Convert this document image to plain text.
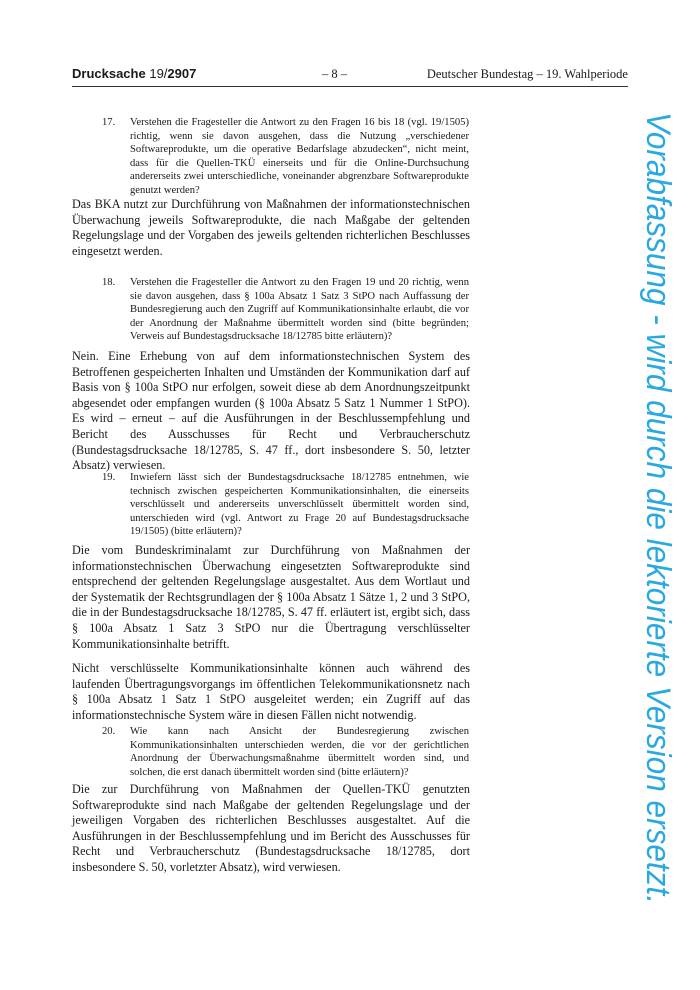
Drucksache 19/2907	– 8 –	Deutscher Bundestag – 19. Wahlperiode
17. Verstehen die Fragesteller die Antwort zu den Fragen 16 bis 18 (vgl. 19/1505) richtig, wenn sie davon ausgehen, dass die Nutzung „verschiedener Softwareprodukte, um die operative Bedarfslage abzudecken“, nicht meint, dass für die Quellen-TKÜ einerseits und für die Online-Durchsuchung andererseits zwei unterschiedliche, voneinander abgrenzbare Softwareprodukte genutzt werden?

Das BKA nutzt zur Durchführung von Maßnahmen der informationstechnischen Überwachung jeweils Softwareprodukte, die nach Maßgabe der geltenden Regelungslage und der Vorgaben des jeweils geltenden richterlichen Beschlusses eingesetzt werden.

18. Verstehen die Fragesteller die Antwort zu den Fragen 19 und 20 richtig, wenn sie davon ausgehen, dass § 100a Absatz 1 Satz 3 StPO nach Auffassung der Bundesregierung auch den Zugriff auf Kommunikationsinhalte erlaubt, die vor der Anordnung der Maßnahme übermittelt worden sind (bitte begründen; Verweis auf Bundestagsdrucksache 18/12785 bitte erläutern)?

Nein. Eine Erhebung von auf dem informationstechnischen System des Betroffenen gespeicherten Inhalten und Umständen der Kommunikation darf auf Basis von § 100a StPO nur erfolgen, soweit diese ab dem Anordnungszeitpunkt abgesendet oder empfangen wurden (§ 100a Absatz 5 Satz 1 Nummer 1 StPO). Es wird – erneut – auf die Ausführungen in der Beschlussempfehlung und Bericht des Ausschusses für Recht und Verbraucherschutz (Bundestagsdrucksache 18/12785, S. 47 ff., dort insbesondere S. 50, letzter Absatz) verwiesen.

19. Inwiefern lässt sich der Bundestagsdrucksache 18/12785 entnehmen, wie technisch zwischen gespeicherten Kommunikationsinhalten, die einerseits verschlüsselt und andererseits unverschlüsselt übermittelt worden sind, unterschieden wird (vgl. Antwort zu Frage 20 auf Bundestagsdrucksache 19/1505) (bitte erläutern)?

Die vom Bundeskriminalamt zur Durchführung von Maßnahmen der informationstechnischen Überwachung eingesetzten Softwareprodukte sind entsprechend der geltenden Regelungslage ausgestaltet. Aus dem Wortlaut und der Systematik der Rechtsgrundlagen der § 100a Absatz 1 Sätze 1, 2 und 3 StPO, die in der Bundestagsdrucksache 18/12785, S. 47 ff. erläutert ist, ergibt sich, dass § 100a Absatz 1 Satz 3 StPO nur die Übertragung verschlüsselter Kommunikationsinhalte betrifft.

Nicht verschlüsselte Kommunikationsinhalte können auch während des laufenden Übertragungsvorgangs im öffentlichen Telekommunikationsnetz nach § 100a Absatz 1 Satz 1 StPO ausgeleitet werden; ein Zugriff auf das informationstechnische System wäre in diesen Fällen nicht notwendig.

20. Wie kann nach Ansicht der Bundesregierung zwischen Kommunikationsinhalten unterschieden werden, die vor der gerichtlichen Anordnung der Überwachungsmaßnahme übermittelt worden sind, und solchen, die erst danach übermittelt worden sind (bitte erläutern)?

Die zur Durchführung von Maßnahmen der Quellen-TKÜ genutzten Softwareprodukte sind nach Maßgabe der geltenden Regelungslage und der jeweiligen Vorgaben des richterlichen Beschlusses ausgestaltet. Auf die Ausführungen in der Beschlussempfehlung und im Bericht des Ausschusses für Recht und Verbraucherschutz (Bundestagsdrucksache 18/12785, dort insbesondere S. 50, vorletzter Absatz), wird verwiesen.	Vorabfassung - wird durch die lektorierte Version ersetzt.
